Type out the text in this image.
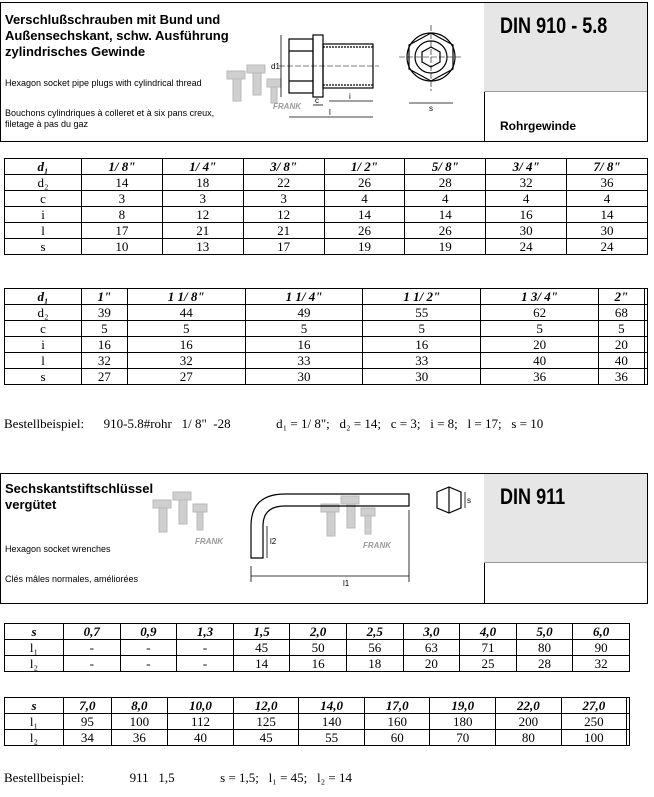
Verschlußschrauben mit Bund und
Außensechskant, schw. Ausführung
zylindrisches Gewinde
Hexagon socket pipe plugs with cylindrical thread
Bouchons cylindriques à colleret et à six pans creux,
filetage à pas du gaz
FRANK
d1
c	i
l	s
DIN 910 - 5.8
Rohrgewinde
d₁	1/ 8"	1/ 4"	3/ 8"	1/ 2"	5/ 8"	3/ 4"	7/ 8"
d₂	14	18	22	26	28	32	36
c	3	3	3	4	4	4	4
i	8	12	12	14	14	16	14
l	17	21	21	26	26	30	30
s	10	13	17	19	19	24	24
d₁	1"	1 1/ 8"	1 1/ 4"	1 1/ 2"	1 3/ 4"	2"	
d₂	39	44	49	55	62	68	
c	5	5	5	5	5	5	
i	16	16	16	16	20	20	
l	32	32	33	33	40	40	
s	27	27	30	30	36	36	
Bestellbeispiel:      910-5.8#rohr   1/ 8"  -28              d₁ = 1/ 8";   d₂ = 14;   c = 3;   i = 8;   l = 17;   s = 10
Sechskantstiftschlüssel
vergütet
Hexagon socket wrenches
Clés mâles normales, améliorées
FRANK	FRANK
l1
l2
s DIN 911
s	0,7	0,9	1,3	1,5	2,0	2,5	3,0	4,0	5,0	6,0
l₁	-	-	-	45	50	56	63	71	80	90
l₂	-	-	-	14	16	18	20	25	28	32
s	7,0	8,0	10,0	12,0	14,0	17,0	19,0	22,0	27,0	
l₁	95	100	112	125	140	160	180	200	250	
l₂	34	36	40	45	55	60	70	80	100	
Bestellbeispiel:              911   1,5              s = 1,5;   l₁ = 45;   l₂ = 14
